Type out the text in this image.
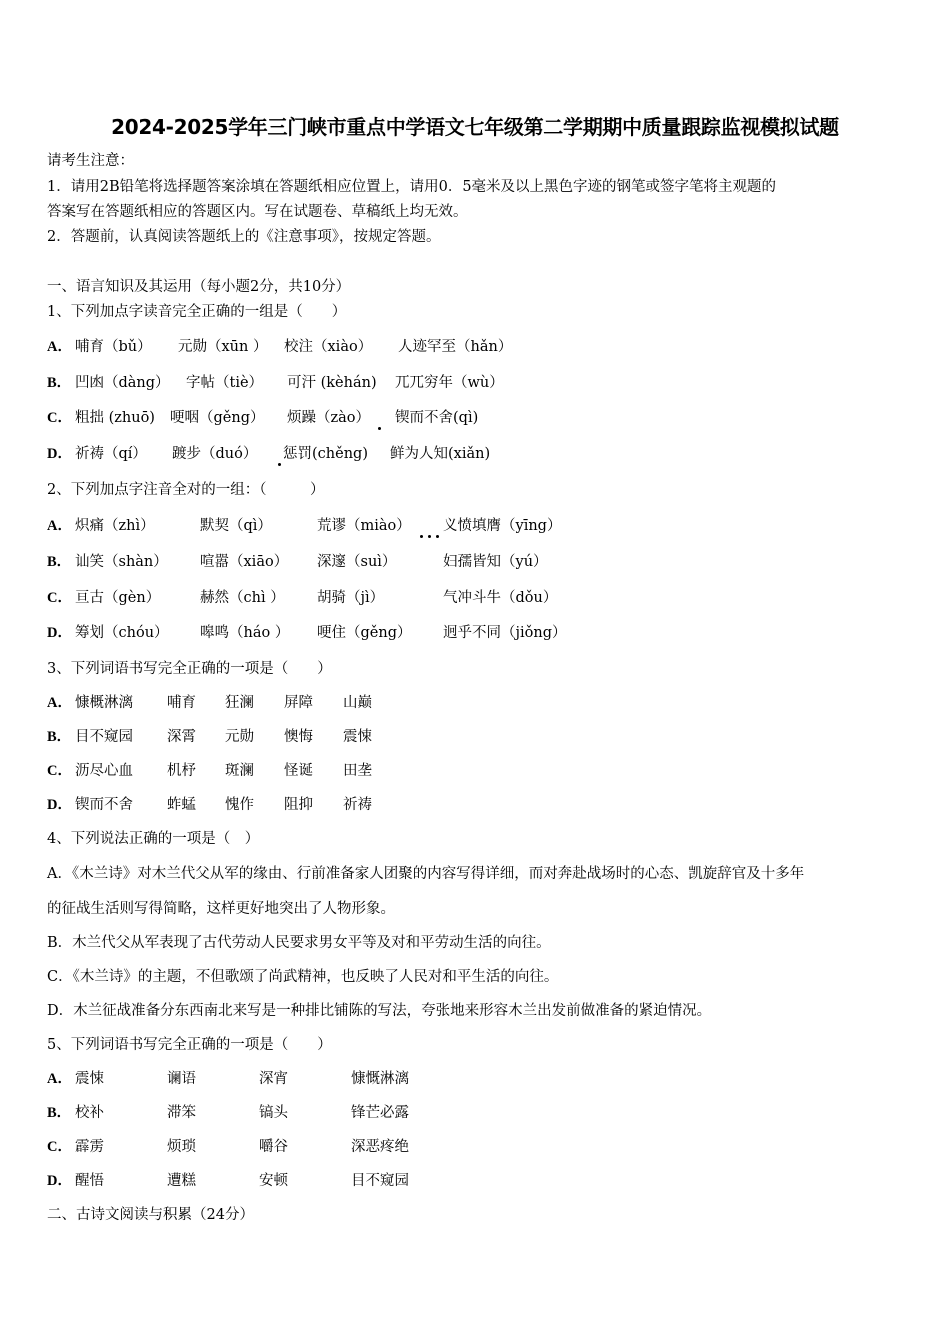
2024-2025学年三门峡市重点中学语文七年级第二学期期中质量跟踪监视模拟试题
请考生注意：
1．请用2B铅笔将选择题答案涂填在答题纸相应位置上，请用0．5毫米及以上黑色字迹的钢笔或签字笔将主观题的
答案写在答题纸相应的答题区内。写在试题卷、草稿纸上均无效。
2．答题前，认真阅读答题纸上的《注意事项》，按规定答题。
一、语言知识及其运用（每小题2分，共10分）
1、下列加点字读音完全正确的一组是（　　）
A． 哺育（bǔ） 元勋（xūn ） 校注（xiào） 人迹罕至（hǎn）
B． 凹凼（dàng） 字帖（tiè） 可汗 (kèhán) 兀兀穷年（wù）
C． 粗拙 (zhuō) 哽咽（gěng） 烦躁（zào） 锲而不舍(qì)
D． 祈祷（qí） 踱步（duó） 惩罚(chěng) 鲜为人知(xiǎn)
2、下列加点字注音全对的一组：（　　　）
A． 炽痛（zhì）	默契（qì）	荒谬（miào） 义愤填膺（yīng）
B． 讪笑（shàn） 喧嚣（xiāo） 深邃（suì）	妇孺皆知（yú）
C． 亘古（gèn）	赫然（chì ） 胡骑（jì）	气冲斗牛（dǒu）
D． 筹划（chóu） 嗥鸣（háo ） 哽住（gěng） 迥乎不同（jiǒng）
3、下列词语书写完全正确的一项是（　　）
A． 慷概淋漓 哺育 狂澜 屏障 山巅
B． 目不窥园 深霄 元勋 懊悔 震悚
C． 沥尽心血 机杼 斑澜 怪诞 田垄
D． 锲而不舍 蚱蜢 愧作 阻抑 祈祷
4、下列说法正确的一项是（　）
A．《木兰诗》对木兰代父从军的缘由、行前准备家人团聚的内容写得详细，而对奔赴战场时的心态、凯旋辞官及十多年
的征战生活则写得简略，这样更好地突出了人物形象。
B．木兰代父从军表现了古代劳动人民要求男女平等及对和平劳动生活的向往。
C．《木兰诗》的主题，不但歌颂了尚武精神，也反映了人民对和平生活的向往。
D．木兰征战准备分东西南北来写是一种排比铺陈的写法，夸张地来形容木兰出发前做准备的紧迫情况。
5、下列词语书写完全正确的一项是（　　）
A． 震悚	谰语	深宵	慷慨淋漓
B． 校补	滞笨	镐头	锋芒必露
C． 霹雳	烦琐	嚼谷	深恶疼绝
D． 醒悟	遭糕	安顿	目不窥园
二、古诗文阅读与积累（24分）
